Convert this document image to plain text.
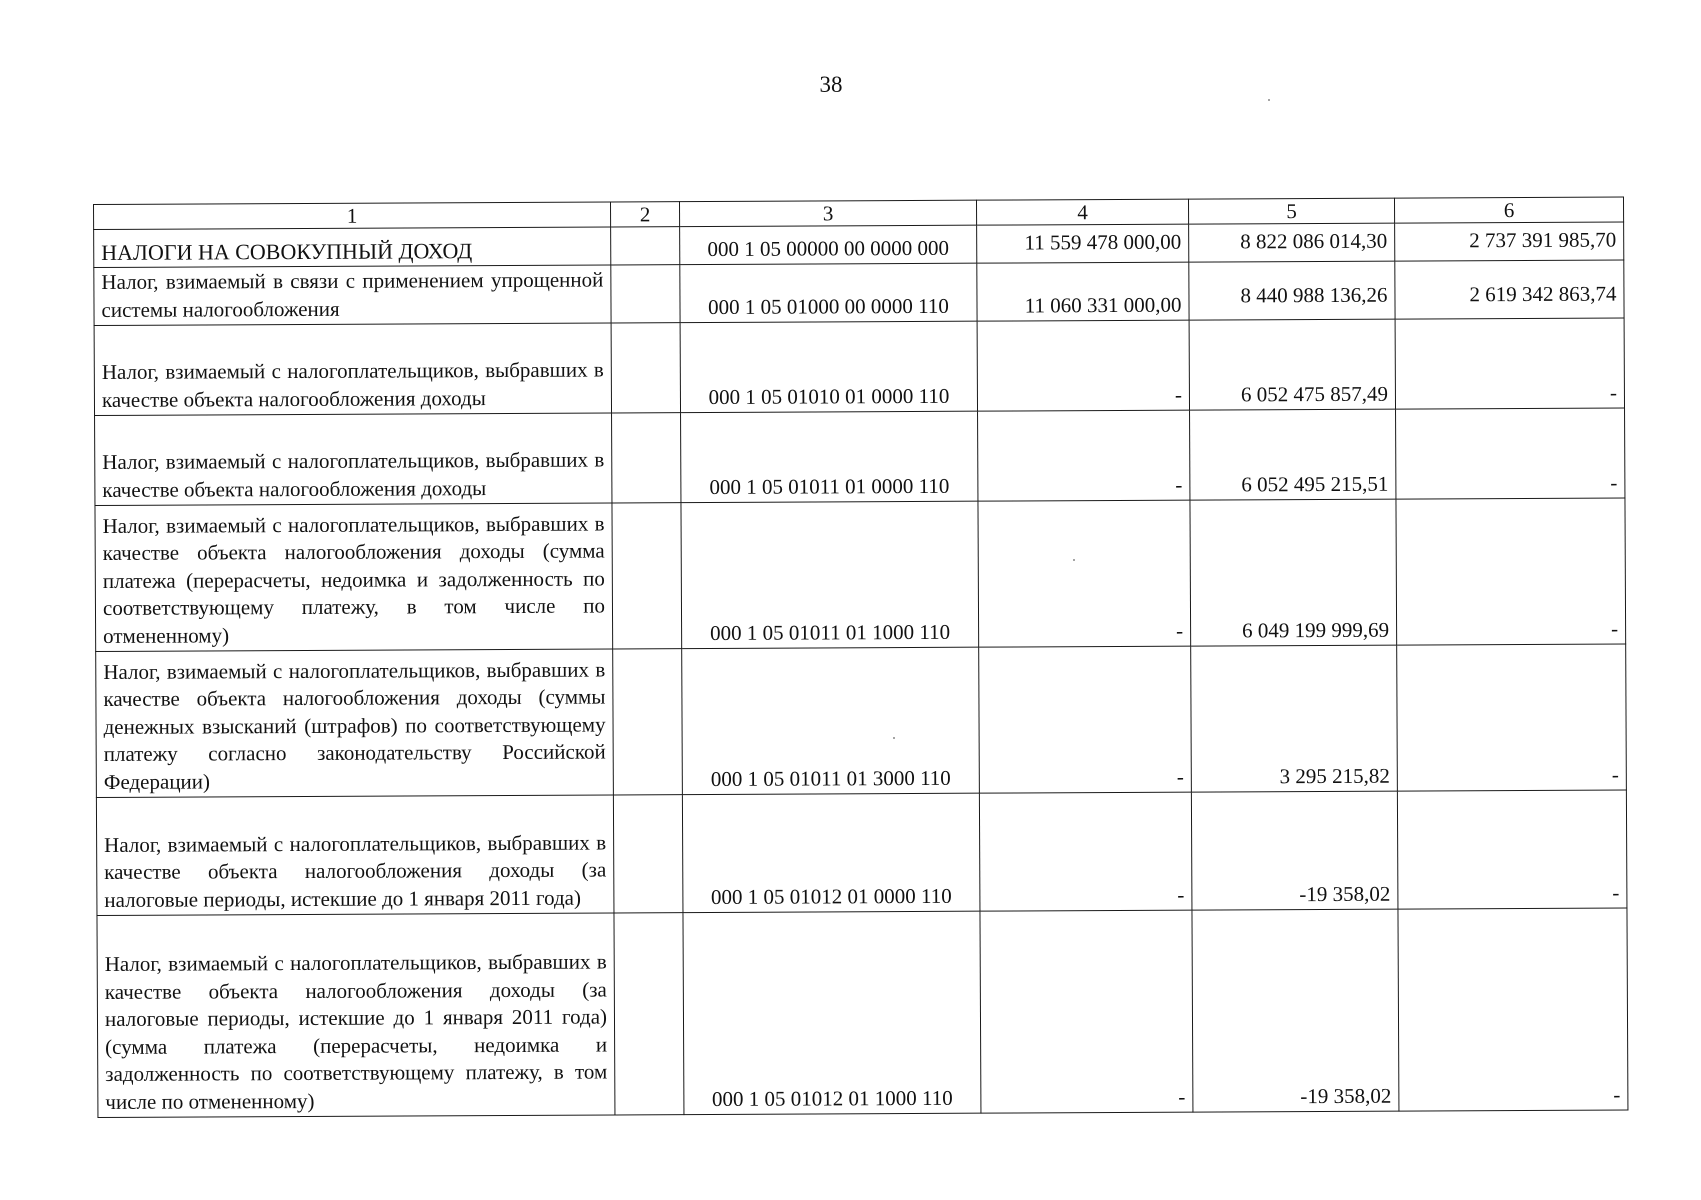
38
1	2	3	4	5	6
НАЛОГИ НА СОВОКУПНЫЙ ДОХОД		000 1 05 00000 00 0000 000	11 559 478 000,00	8 822 086 014,30	2 737 391 985,70
Налог, взимаемый в связи с применением упрощенной системы налогообложения		000 1 05 01000 00 0000 110	11 060 331 000,00	8 440 988 136,26	2 619 342 863,74
Налог, взимаемый с налогоплательщиков, выбравших в качестве объекта налогообложения доходы		000 1 05 01010 01 0000 110	-	6 052 475 857,49	-
Налог, взимаемый с налогоплательщиков, выбравших в качестве объекта налогообложения доходы		000 1 05 01011 01 0000 110	-	6 052 495 215,51	-
Налог, взимаемый с налогоплательщиков, выбравших в качестве объекта налогообложения доходы (сумма платежа (перерасчеты, недоимка и задолженность по соответствующему платежу, в том числе по отмененному)		000 1 05 01011 01 1000 110	-	6 049 199 999,69	-
Налог, взимаемый с налогоплательщиков, выбравших в качестве объекта налогообложения доходы (суммы денежных взысканий (штрафов) по соответствующему платежу согласно законодательству Российской Федерации)		000 1 05 01011 01 3000 110	-	3 295 215,82	-
Налог, взимаемый с налогоплательщиков, выбравших в качестве объекта налогообложения доходы (за налоговые периоды, истекшие до 1 января 2011 года)		000 1 05 01012 01 0000 110	-	-19 358,02	-
Налог, взимаемый с налогоплательщиков, выбравших в качестве объекта налогообложения доходы (за налоговые периоды, истекшие до 1 января 2011 года) (сумма платежа (перерасчеты, недоимка и задолженность по соответствующему платежу, в том числе по отмененному)		000 1 05 01012 01 1000 110	-	-19 358,02	-
